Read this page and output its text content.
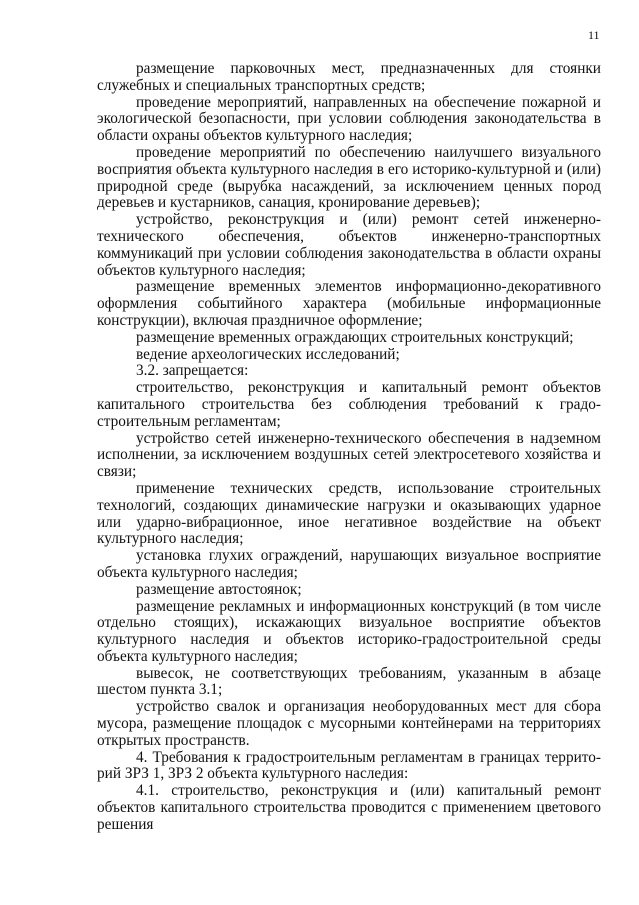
11

размещение парковочных мест, предназначенных для стоянки служебных и специальных транспортных средств;

проведение мероприятий, направленных на обеспечение пожарной и экологической безопасности, при условии соблюдения законодательства в области охраны объектов культурного наследия;

проведение мероприятий по обеспечению наилучшего визуального восприятия объекта культурного наследия в его историко-культурной и (или) природной среде (вырубка насаждений, за исключением ценных пород деревьев и кустарников, санация, кронирование деревьев);

устройство, реконструкция и (или) ремонт сетей инженерно-технического обеспечения, объектов инженерно-транспортных коммуникаций при условии соблюдения законодательства в области охраны объектов культурного наследия;

размещение временных элементов информационно-декоративного оформления событийного характера (мобильные информационные конструкции), включая праздничное оформление;

размещение временных ограждающих строительных конструкций;

ведение археологических исследований;

3.2. запрещается:

строительство, реконструкция и капитальный ремонт объектов капитального строительства без соблюдения требований к градо-строительным регламентам;

устройство сетей инженерно-технического обеспечения в надземном исполнении, за исключением воздушных сетей электросетевого хозяйства и связи;

применение технических средств, использование строительных технологий, создающих динамические нагрузки и оказывающих ударное или ударно-вибрационное, иное негативное воздействие на объект культурного наследия;

установка глухих ограждений, нарушающих визуальное восприятие объекта культурного наследия;

размещение автостоянок;

размещение рекламных и информационных конструкций (в том числе отдельно стоящих), искажающих визуальное восприятие объектов культурного наследия и объектов историко-градостроительной среды объекта культурного наследия;

вывесок, не соответствующих требованиям, указанным в абзаце шестом пункта 3.1;

устройство свалок и организация необорудованных мест для сбора мусора, размещение площадок с мусорными контейнерами на территориях открытых пространств.

4. Требования к градостроительным регламентам в границах террито-рий ЗРЗ 1, ЗРЗ 2 объекта культурного наследия:

4.1. строительство, реконструкция и (или) капитальный ремонт объектов капитального строительства проводится с применением цветового решения
